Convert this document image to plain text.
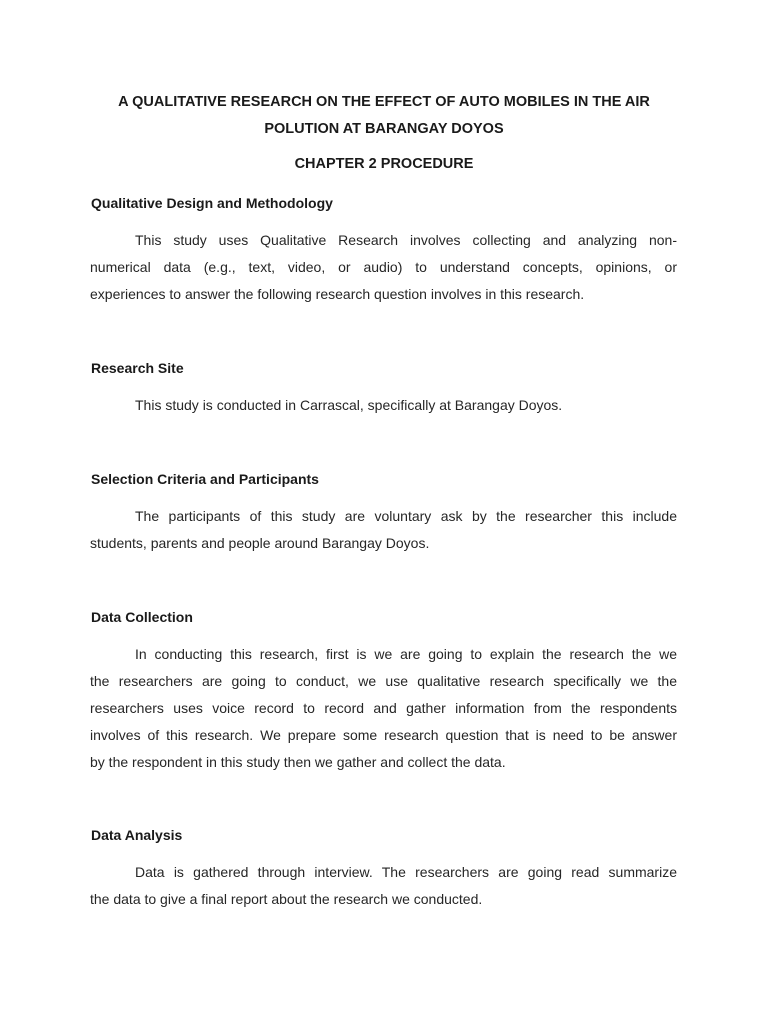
A QUALITATIVE RESEARCH ON THE EFFECT OF AUTO MOBILES IN THE AIR

POLUTION AT BARANGAY DOYOS

CHAPTER 2 PROCEDURE

Qualitative Design and Methodology

This study uses Qualitative Research involves collecting and analyzing non-
numerical data (e.g., text, video, or audio) to understand concepts, opinions, or
experiences to answer the following research question involves in this research.

Research Site

This study is conducted in Carrascal, specifically at Barangay Doyos.

Selection Criteria and Participants

The participants of this study are voluntary ask by the researcher this include
students, parents and people around Barangay Doyos.

Data Collection

In conducting this research, first is we are going to explain the research the we
the researchers are going to conduct, we use qualitative research specifically we the
researchers uses voice record to record and gather information from the respondents
involves of this research. We prepare some research question that is need to be answer
by the respondent in this study then we gather and collect the data.

Data Analysis

Data is gathered through interview. The researchers are going read summarize
the data to give a final report about the research we conducted.
